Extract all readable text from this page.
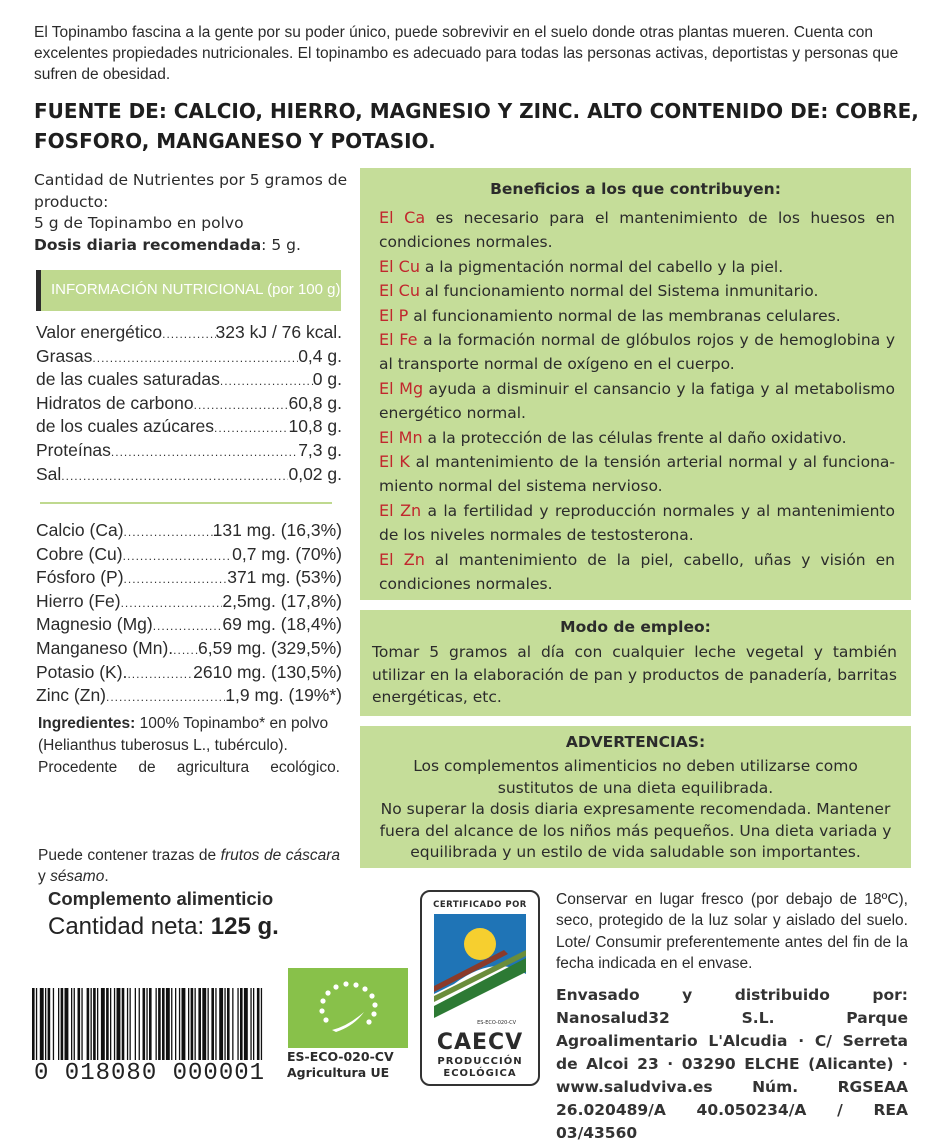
El Topinambo fascina a la gente por su poder único, puede sobrevivir en el suelo donde otras plantas mueren. Cuenta con excelentes propiedades nutricionales. El topinambo es adecuado para todas las personas activas, deportistas y personas que sufren de obesidad.
FUENTE DE: CALCIO, HIERRO, MAGNESIO Y ZINC. ALTO CONTENIDO DE: COBRE, FOSFORO, MANGANESO Y POTASIO.
Cantidad de Nutrientes por 5 gramos de producto:
5 g de Topinambo en polvo
Dosis diaria recomendada: 5 g.
INFORMACIÓN NUTRICIONAL (por 100 g)
Valor energético .....	323 kJ / 76 kcal.
Grasas .....	0,4 g.
de las cuales saturadas .....	0 g.
Hidratos de carbono .....	60,8 g.
de los cuales azúcares .....	10,8 g.
Proteínas .....	7,3 g.
Sal .....	0,02 g.
Calcio (Ca) .....	131 mg. (16,3%)
Cobre (Cu) .....	0,7 mg. (70%)
Fósforo (P) .....	371 mg. (53%)
Hierro (Fe) .....	2,5mg. (17,8%)
Magnesio (Mg) .....	69 mg. (18,4%)
Manganeso (Mn). ..... 6,59 mg. (329,5%)
Potasio (K). .....	2610 mg. (130,5%)
Zinc (Zn) .....	1,9 mg. (19%*)
Ingredientes: 100% Topinambo* en polvo (Helianthus tuberosus L., tubérculo).
Procedente de agricultura ecológico.
Puede contener trazas de frutos de cáscara y sésamo.
Beneficios a los que contribuyen:
El Ca es necesario para el mantenimiento de los huesos en condiciones normales.
El Cu a la pigmentación normal del cabello y la piel.
El Cu al funcionamiento normal del Sistema inmunitario.
El P al funcionamiento normal de las membranas celulares.
El Fe a la formación normal de glóbulos rojos y de hemoglobina y al transporte normal de oxígeno en el cuerpo.
El Mg ayuda a disminuir el cansancio y la fatiga y al metabolismo energético normal.
El Mn a la protección de las células frente al daño oxidativo.
El K al mantenimiento de la tensión arterial normal y al funciona-miento normal del sistema nervioso.
El Zn a la fertilidad y reproducción normales y al mantenimiento de los niveles normales de testosterona.
El Zn al mantenimiento de la piel, cabello, uñas y visión en condiciones normales.
Modo de empleo:
Tomar 5 gramos al día con cualquier leche vegetal y también utilizar en la elaboración de pan y productos de panadería, barritas energéticas, etc.
ADVERTENCIAS:
Los complementos alimenticios no deben utilizarse como sustitutos de una dieta equilibrada.
No superar la dosis diaria expresamente recomendada. Mantener fuera del alcance de los niños más pequeños. Una dieta variada y equilibrada y un estilo de vida saludable son importantes.
Complemento alimenticio
Cantidad neta: 125 g.
0 018080 000001
ES-ECO-020-CV
Agricultura UE
CERTIFICADO POR
ES-ECO-020-CV
CAECV
PRODUCCIÓN
ECOLÓGICA
Conservar en lugar fresco (por debajo de 18ºC), seco, protegido de la luz solar y aislado del suelo. Lote/ Consumir preferentemente antes del fin de la fecha indicada en el envase.
Envasado y distribuido por: Nanosalud32 S.L. Parque Agroalimentario L'Alcudia · C/ Serreta de Alcoi 23 · 03290 ELCHE (Alicante) · www.saludviva.es Núm. RGSEAA 26.020489/A 40.050234/A / REA 03/43560
